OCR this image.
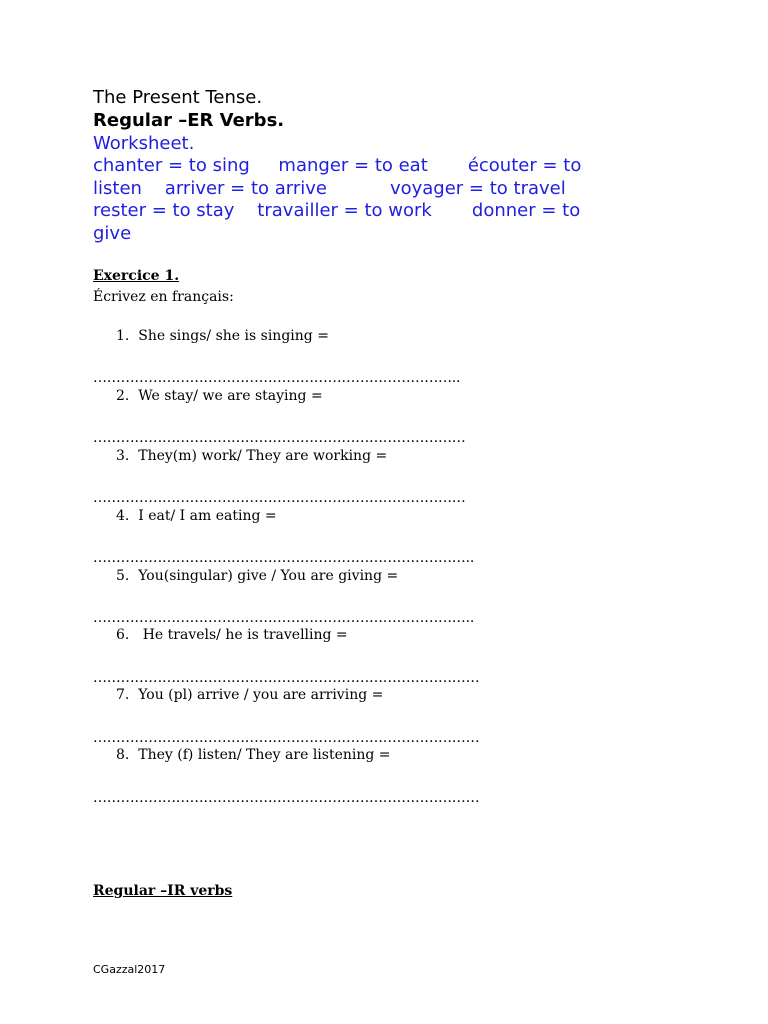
The Present Tense.

Regular –ER Verbs.

Worksheet.

chanter = to sing     manger = to eat       écouter = to

listen    arriver = to arrive           voyager = to travel

rester = to stay    travailler = to work       donner = to

give

Exercice 1.

Écrivez en français:

1.  She sings/ she is singing =

……………………………………………………………………..

2.  We stay/ we are staying =

………………………………………………………………………

3.  They(m) work/ They are working =

………………………………………………………………………

4.  I eat/ I am eating =

………………………………………………………………………..

5.  You(singular) give / You are giving =

………………………………………………………………………..

6.   He travels/ he is travelling =

…………………………………………………………………………

7.  You (pl) arrive / you are arriving =

…………………………………………………………………………

8.  They (f) listen/ They are listening =

…………………………………………………………………………

Regular –IR verbs

CGazzal2017
